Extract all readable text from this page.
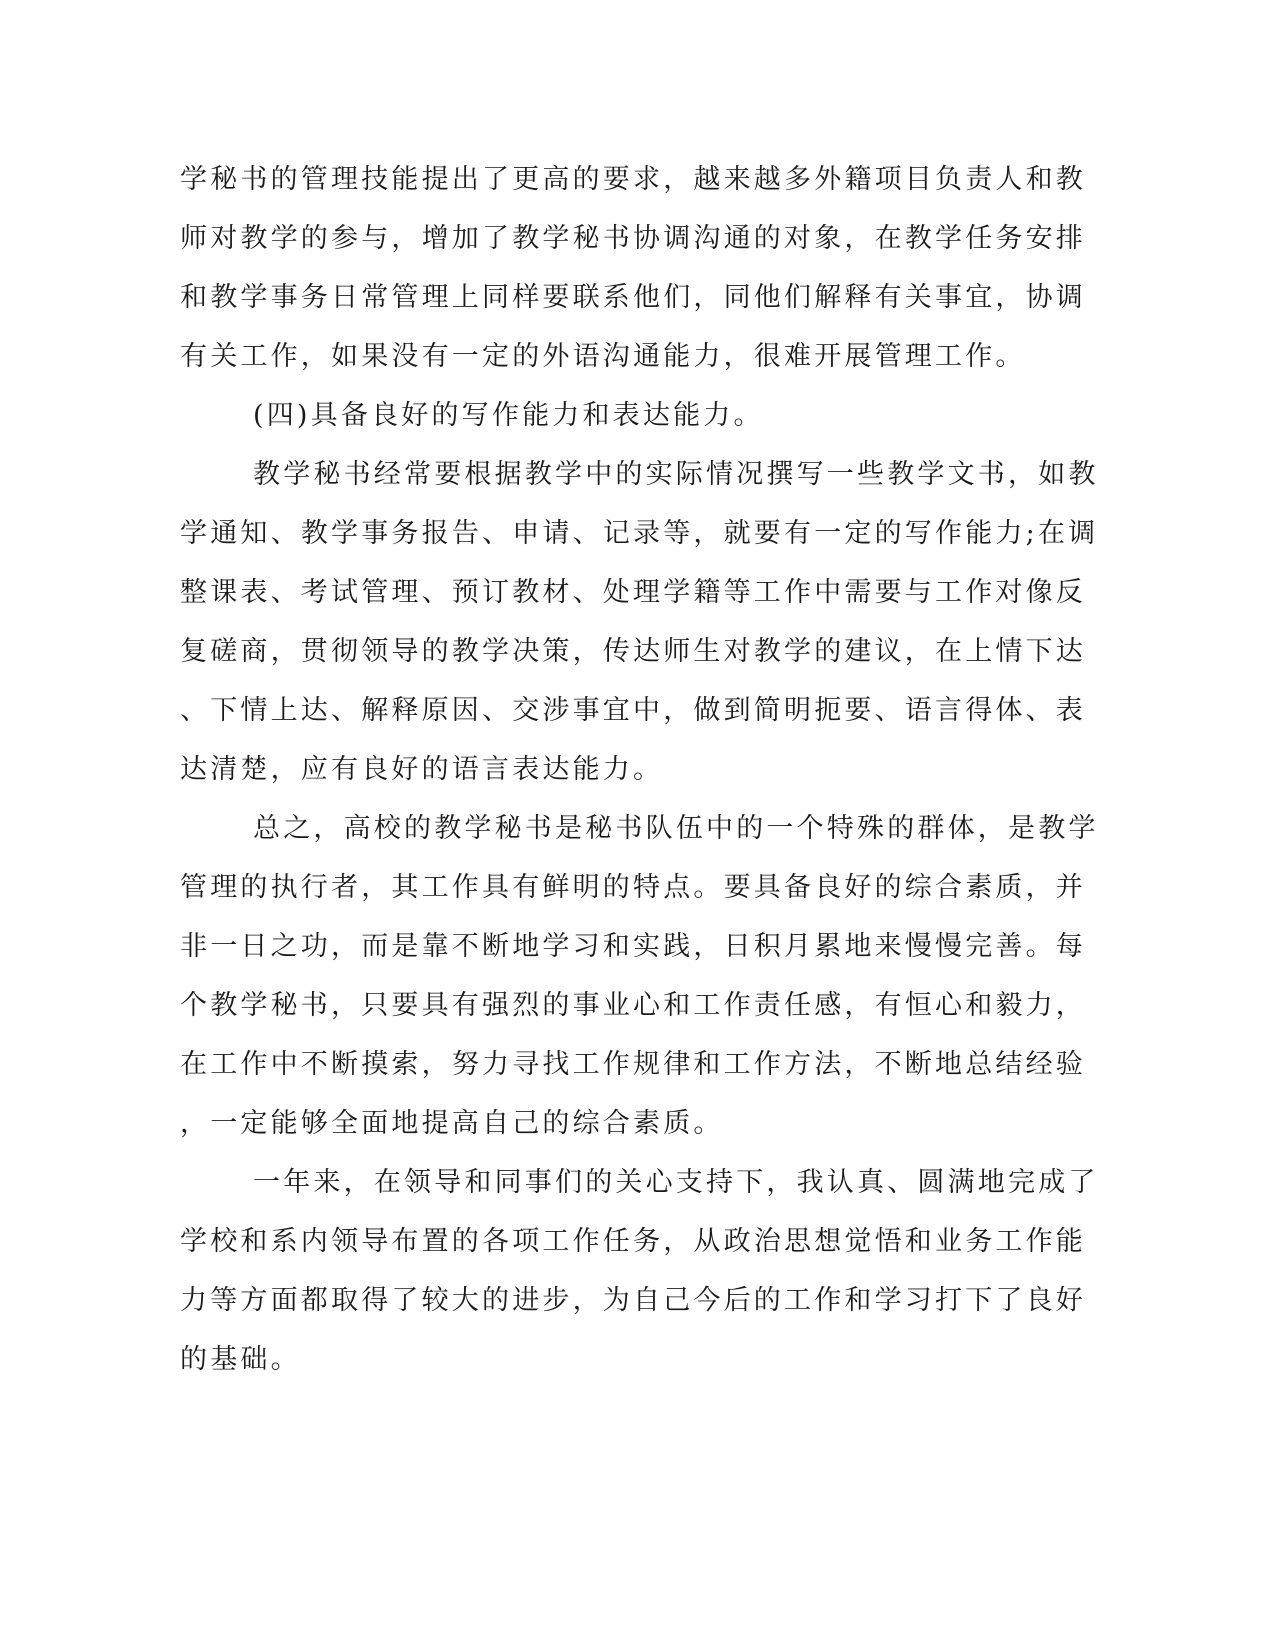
学秘书的管理技能提出了更高的要求，越来越多外籍项目负责人和教
师对教学的参与，增加了教学秘书协调沟通的对象，在教学任务安排
和教学事务日常管理上同样要联系他们，同他们解释有关事宜，协调
有关工作，如果没有一定的外语沟通能力，很难开展管理工作。
(四)具备良好的写作能力和表达能力。
教学秘书经常要根据教学中的实际情况撰写一些教学文书，如教
学通知、教学事务报告、申请、记录等，就要有一定的写作能力;在调
整课表、考试管理、预订教材、处理学籍等工作中需要与工作对像反
复磋商，贯彻领导的教学决策，传达师生对教学的建议，在上情下达
、下情上达、解释原因、交涉事宜中，做到简明扼要、语言得体、表
达清楚，应有良好的语言表达能力。
总之，高校的教学秘书是秘书队伍中的一个特殊的群体，是教学
管理的执行者，其工作具有鲜明的特点。要具备良好的综合素质，并
非一日之功，而是靠不断地学习和实践，日积月累地来慢慢完善。每
个教学秘书，只要具有强烈的事业心和工作责任感，有恒心和毅力，
在工作中不断摸索，努力寻找工作规律和工作方法，不断地总结经验
，一定能够全面地提高自己的综合素质。
一年来，在领导和同事们的关心支持下，我认真、圆满地完成了
学校和系内领导布置的各项工作任务，从政治思想觉悟和业务工作能
力等方面都取得了较大的进步，为自己今后的工作和学习打下了良好
的基础。
